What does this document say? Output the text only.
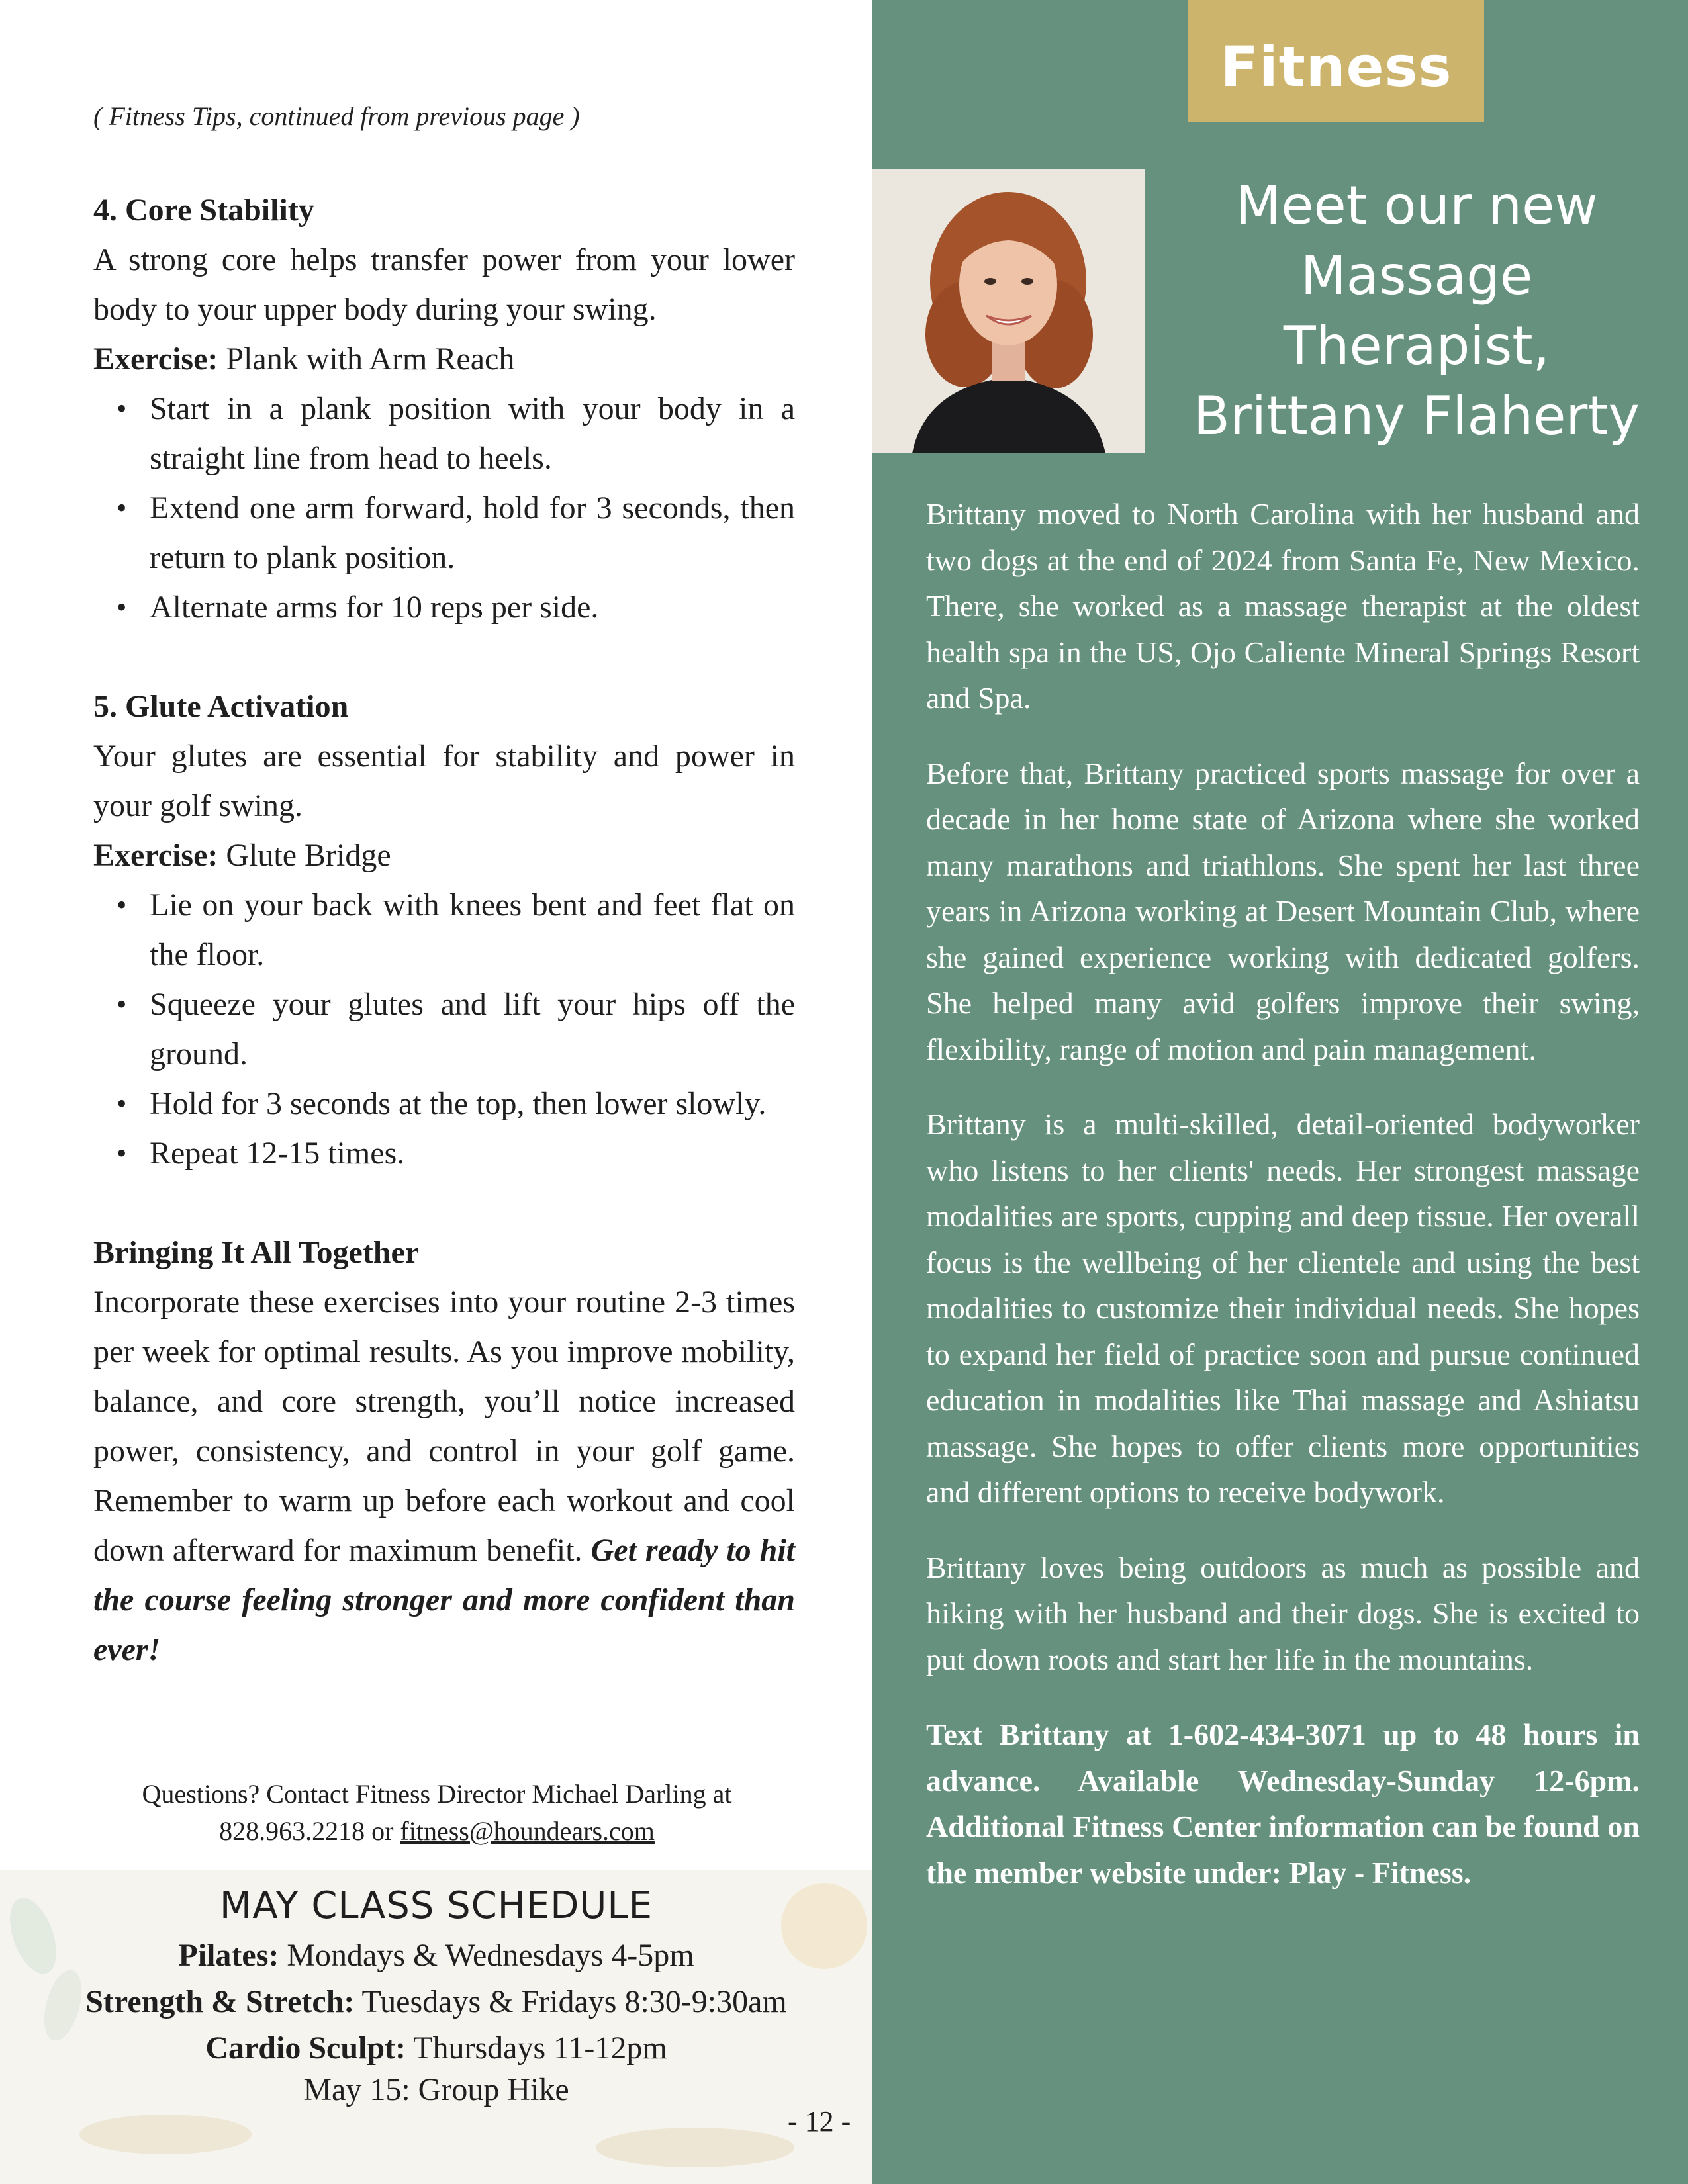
( Fitness Tips, continued from previous page )
4. Core Stability
A strong core helps transfer power from your lower body to your upper body during your swing.
Exercise: Plank with Arm Reach
• Start in a plank position with your body in a straight line from head to heels.
• Extend one arm forward, hold for 3 seconds, then return to plank position.
• Alternate arms for 10 reps per side.
5. Glute Activation
Your glutes are essential for stability and power in your golf swing.
Exercise: Glute Bridge
• Lie on your back with knees bent and feet flat on the floor.
• Squeeze your glutes and lift your hips off the ground.
• Hold for 3 seconds at the top, then lower slowly.
• Repeat 12-15 times.
Bringing It All Together
Incorporate these exercises into your routine 2-3 times per week for optimal results. As you improve mobility, balance, and core strength, you’ll notice increased power, consistency, and control in your golf game. Remember to warm up before each workout and cool down afterward for maximum benefit. Get ready to hit the course feeling stronger and more confident than ever!
Questions? Contact Fitness Director Michael Darling at
828.963.2218 or fitness@houndears.com
MAY CLASS SCHEDULE
Pilates: Mondays & Wednesdays 4-5pm
Strength & Stretch: Tuesdays & Fridays 8:30-9:30am
Cardio Sculpt: Thursdays 11-12pm
May 15: Group Hike
- 12 -
Fitness
Meet our new
Massage
Therapist,
Brittany Flaherty

Brittany moved to North Carolina with her husband and two dogs at the end of 2024 from Santa Fe, New Mexico. There, she worked as a massage therapist at the oldest health spa in the US, Ojo Caliente Mineral Springs Resort and Spa.

Before that, Brittany practiced sports massage for over a decade in her home state of Arizona where she worked many marathons and triathlons. She spent her last three years in Arizona working at Desert Mountain Club, where she gained experience working with dedicated golfers. She helped many avid golfers improve their swing, flexibility, range of motion and pain management.

Brittany is a multi-skilled, detail-oriented bodyworker who listens to her clients' needs. Her strongest massage modalities are sports, cupping and deep tissue. Her overall focus is the wellbeing of her clientele and using the best modalities to customize their individual needs. She hopes to expand her field of practice soon and pursue continued education in modalities like Thai massage and Ashiatsu massage. She hopes to offer clients more opportunities and different options to receive bodywork.

Brittany loves being outdoors as much as possible and hiking with her husband and their dogs. She is excited to put down roots and start her life in the mountains.

Text Brittany at 1-602-434-3071 up to 48 hours in advance. Available Wednesday-Sunday 12-6pm. Additional Fitness Center information can be found on the member website under: Play - Fitness.
